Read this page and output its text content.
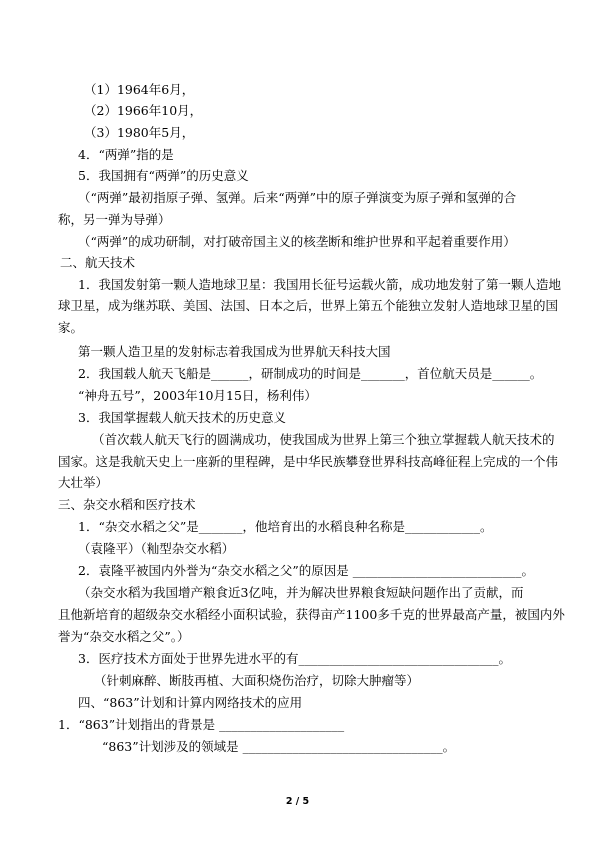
（1）1964年6月，
（2）1966年10月，
（3）1980年5月，
4．“两弹”指的是
5．我国拥有“两弹”的历史意义
（“两弹”最初指原子弹、氢弹。后来“两弹”中的原子弹演变为原子弹和氢弹的合
称，另一弹为导弹）
（“两弹”的成功研制，对打破帝国主义的核垄断和维护世界和平起着重要作用）
二、航天技术
1．我国发射第一颗人造地球卫星：我国用长征号运载火箭，成功地发射了第一颗人造地
球卫星，成为继苏联、美国、法国、日本之后，世界上第五个能独立发射人造地球卫星的国
家。
第一颗人造卫星的发射标志着我国成为世界航天科技大国
2．我国载人航天飞船是______，研制成功的时间是_______，首位航天员是______。
“神舟五号”，2003年10月15日，杨利伟）
3．我国掌握载人航天技术的历史意义
（首次载人航天飞行的圆满成功，使我国成为世界上第三个独立掌握载人航天技术的
国家。这是我航天史上一座新的里程碑，是中华民族攀登世界科技高峰征程上完成的一个伟
大壮举）
三、杂交水稻和医疗技术
1．“杂交水稻之父”是_______，他培育出的水稻良种名称是____________。
（袁隆平）（籼型杂交水稻）
2．袁隆平被国内外誉为“杂交水稻之父”的原因是 ___________________________。
（杂交水稻为我国增产粮食近3亿吨，并为解决世界粮食短缺问题作出了贡献，而
且他新培育的超级杂交水稻经小面积试验，获得亩产1100多千克的世界最高产量，被国内外
誉为“杂交水稻之父”。）
3．医疗技术方面处于世界先进水平的有________________________________。
（针刺麻醉、断肢再植、大面积烧伤治疗，切除大肿瘤等）
四、“863”计划和计算内网络技术的应用
1．“863”计划指出的背景是 ____________________
“863”计划涉及的领域是 ________________________________。
2 / 5
